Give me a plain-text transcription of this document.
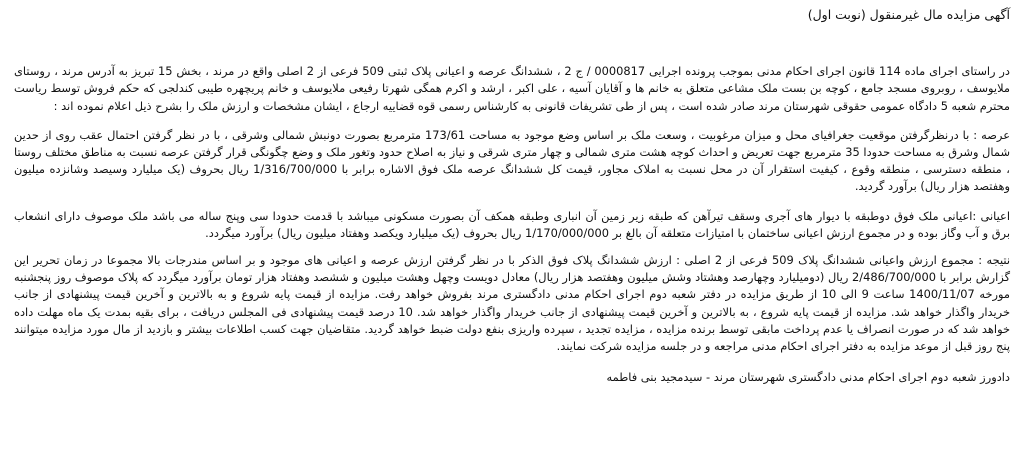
آگهی مزایده مال غیرمنقول (نوبت اول)

در راستای اجرای ماده 114 قانون اجرای احکام مدنی بموجب پرونده اجرایی 0000817 / ج 2 ، ششدانگ عرصه و اعیانی پلاک ثبتی 509 فرعی از 2 اصلی واقع در مرند ، بخش 15 تبریز به آدرس مرند ، روستای ملایوسف ، روبروی مسجد جامع ، کوچه بن بست ملک مشاعی متعلق به خانم ها و آقایان آسیه ، علی اکبر ، ارشد و اکرم همگی شهرتا رفیعی ملایوسف و خانم پریچهره طیبی کندلجی که حکم فروش توسط ریاست محترم شعبه 5 دادگاه عمومی حقوقی شهرستان مرند صادر شده است ، پس از طی تشریفات قانونی به کارشناس رسمی قوه قضاییه ارجاع ، ایشان مشخصات و ارزش ملک را بشرح ذیل اعلام نموده اند :

عرصه : با درنظرگرفتن موقعیت جغرافیای محل و میزان مرغوبیت ، وسعت ملک بر اساس وضع موجود به مساحت 173/61 مترمربع بصورت دونبش شمالی وشرقی ، با در نظر گرفتن احتمال عقب روی از حدین شمال وشرق به مساحت حدودا 35 مترمربع جهت تعریض و احداث کوچه هشت متری شمالی و چهار متری شرقی و نیاز به اصلاح حدود وتغور ملک و وضع چگونگی قرار گرفتن عرصه نسبت به مناطق مختلف روستا ، منطقه دسترسی ، منطقه وقوع ، کیفیت استقرار آن در محل نسبت به املاک مجاور، قیمت کل ششدانگ عرصه ملک فوق الاشاره برابر با 1/316/700/000 ریال بحروف (یک میلیارد وسیصد وشانزده میلیون وهفتصد هزار ریال) برآورد گردید.

اعیانی :اعیانی ملک فوق دوطبقه با دیوار های آجری وسقف تیرآهن که طبقه زیر زمین آن انباری وطبقه همکف آن بصورت مسکونی میباشد با قدمت حدودا سی وپنج ساله می باشد ملک موصوف دارای انشعاب برق و آب وگاز بوده و در مجموع ارزش اعیانی ساختمان با امتیازات متعلقه آن بالغ بر 1/170/000/000 ریال بحروف (یک میلیارد ویکصد وهفتاد میلیون ریال) برآورد میگردد.

نتیجه : مجموع ارزش واعیانی ششدانگ پلاک 509 فرعی از 2 اصلی : ارزش ششدانگ پلاک فوق الذکر با در نظر گرفتن ارزش عرصه و اعیانی های موجود و بر اساس مندرجات بالا مجموعا در زمان تحریر این گزارش برابر با 2/486/700/000 ریال (دومیلیارد وچهارصد وهشتاد وشش میلیون وهفتصد هزار ریال) معادل دویست وچهل وهشت میلیون و ششصد وهفتاد هزار تومان برآورد میگردد که پلاک موصوف روز پنجشنبه مورخه 1400/11/07 ساعت 9 الی 10 از طریق مزایده در دفتر شعبه دوم اجرای احکام مدنی دادگستری مرند بفروش خواهد رفت. مزایده از قیمت پایه شروع و به بالاترین و آخرین قیمت پیشنهادی از جانب خریدار واگذار خواهد شد. مزایده از قیمت پایه شروع ، به بالاترین و آخرین قیمت پیشنهادی از جانب خریدار واگذار خواهد شد. 10 درصد قیمت پیشنهادی فی المجلس دریافت ، برای بقیه بمدت یک ماه مهلت داده خواهد شد که در صورت انصراف یا عدم پرداخت مابقی توسط برنده مزایده ، مزایده تجدید ، سپرده واریزی بنفع دولت ضبط خواهد گردید. متقاضیان جهت کسب اطلاعات بیشتر و بازدید از مال مورد مزایده میتوانند پنج روز قبل از موعد مزایده به دفتر اجرای احکام مدنی مراجعه و در جلسه مزایده شرکت نمایند.

دادورز شعبه دوم اجرای احکام مدنی دادگستری شهرستان مرند - سیدمجید بنی فاطمه
